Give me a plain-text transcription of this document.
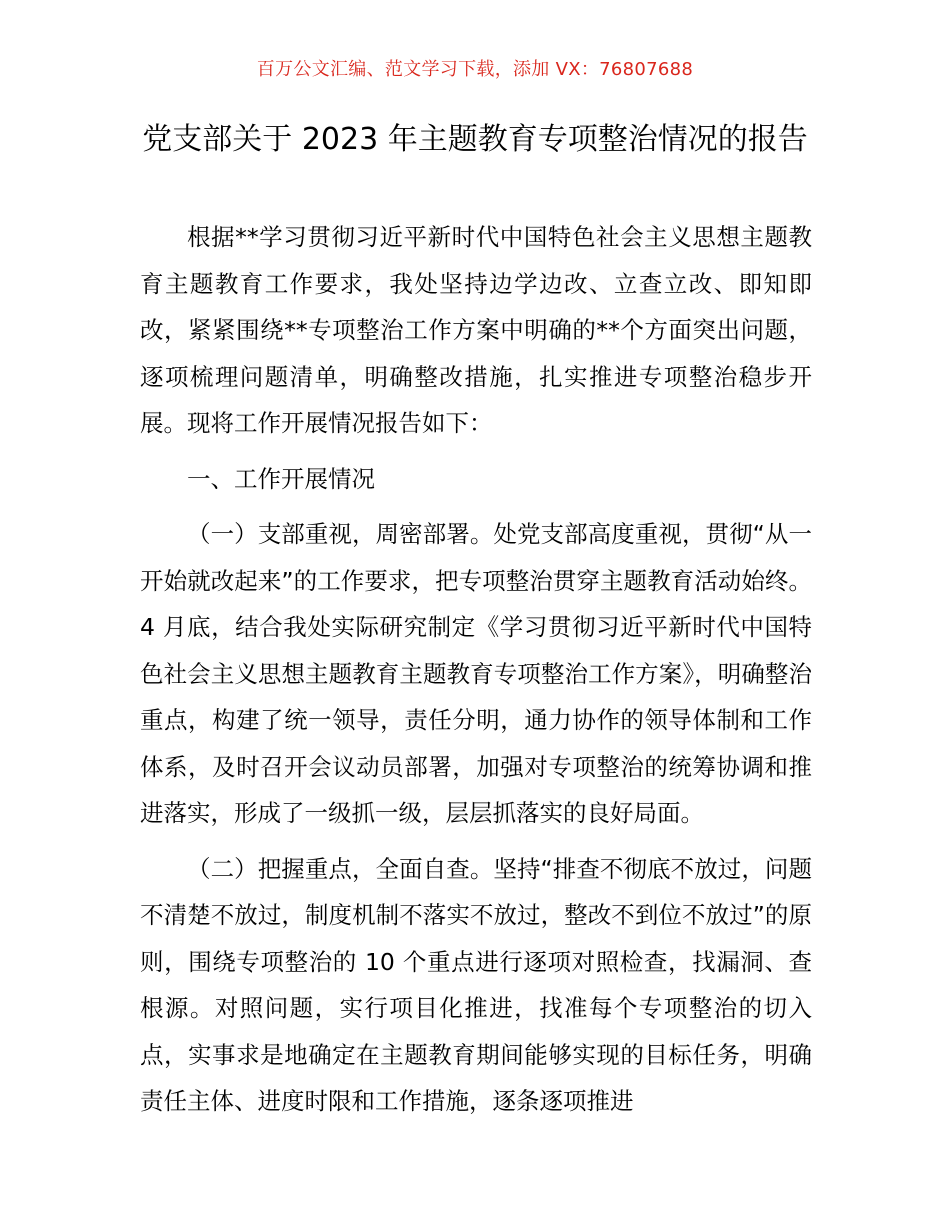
百万公文汇编、范文学习下载，添加 VX：76807688
党支部关于 2023 年主题教育专项整治情况的报告

根据**学习贯彻习近平新时代中国特色社会主义思想主题教育主题教育工作要求，我处坚持边学边改、立查立改、即知即改，紧紧围绕**专项整治工作方案中明确的**个方面突出问题，逐项梳理问题清单，明确整改措施，扎实推进专项整治稳步开展。现将工作开展情况报告如下：

一、工作开展情况

（一）支部重视，周密部署。处党支部高度重视，贯彻“从一开始就改起来”的工作要求，把专项整治贯穿主题教育活动始终。4 月底，结合我处实际研究制定《学习贯彻习近平新时代中国特色社会主义思想主题教育主题教育专项整治工作方案》，明确整治重点，构建了统一领导，责任分明，通力协作的领导体制和工作体系，及时召开会议动员部署，加强对专项整治的统筹协调和推进落实，形成了一级抓一级，层层抓落实的良好局面。

（二）把握重点，全面自查。坚持“排查不彻底不放过，问题不清楚不放过，制度机制不落实不放过，整改不到位不放过”的原则，围绕专项整治的 10 个重点进行逐项对照检查，找漏洞、查根源。对照问题，实行项目化推进，找准每个专项整治的切入点，实事求是地确定在主题教育期间能够实现的目标任务，明确责任主体、进度时限和工作措施，逐条逐项推进
